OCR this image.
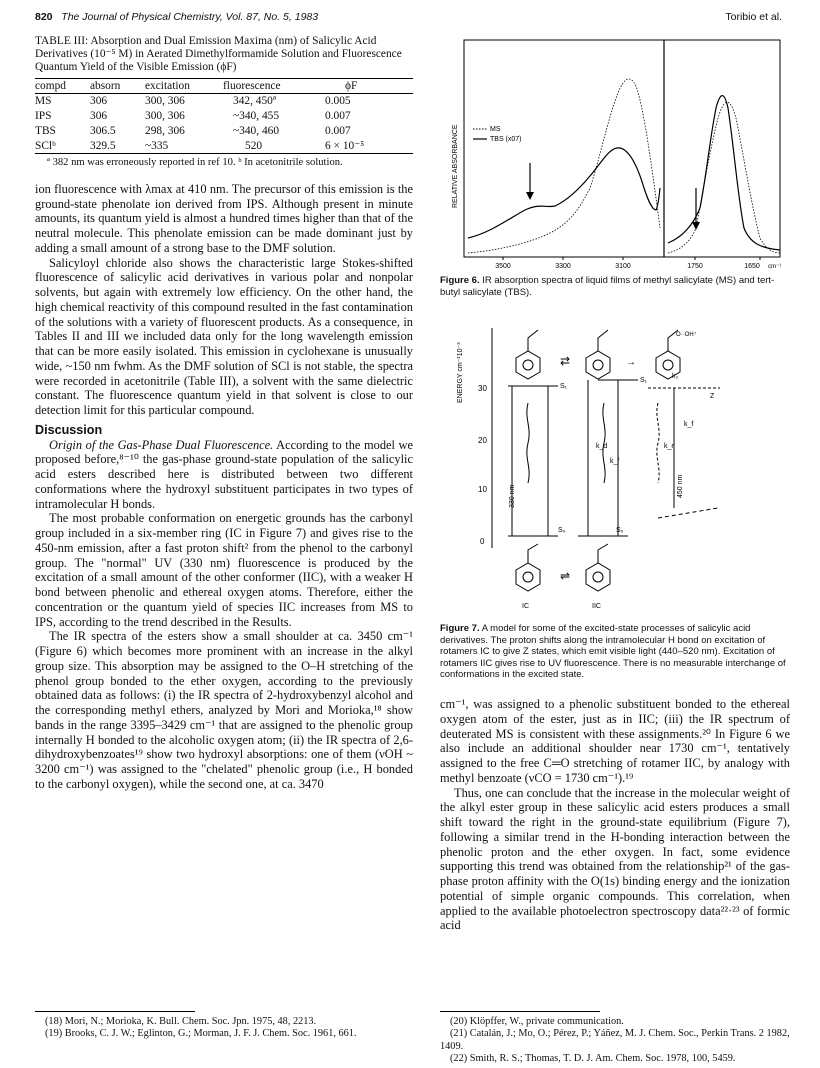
820 The Journal of Physical Chemistry, Vol. 87, No. 5, 1983	Toribio et al.
TABLE III: Absorption and Dual Emission Maxima (nm) of Salicylic Acid Derivatives (10⁻⁵ M) in Aerated Dimethylformamide Solution and Fluorescence Quantum Yield of the Visible Emission (ϕF)
compd	absorn	excitation	fluorescence	ϕF
MS	306	300, 306	342, 450ª	0.005
IPS	306	300, 306	~340, 455	0.007
TBS	306.5	298, 306	~340, 460	0.007
SClᵇ	329.5	~335	520	6 × 10⁻⁵
ª 382 nm was erroneously reported in ref 10. ᵇ In acetonitrile solution.

ion fluorescence with λmax at 410 nm. The precursor of this emission is the ground-state phenolate ion derived from IPS. Although present in minute amounts, its quantum yield is almost a hundred times higher than that of the neutral molecule. This phenolate emission can be made dominant just by adding a small amount of a strong base to the DMF solution.

Salicyloyl chloride also shows the characteristic large Stokes-shifted fluorescence of salicylic acid derivatives in various polar and nonpolar solvents, but again with extremely low efficiency. On the other hand, the high chemical reactivity of this compound resulted in the fast contamination of the solutions with a variety of fluorescent products. As a consequence, in Tables II and III we included data only for the long wavelength emission that can be more easily isolated. This emission in cyclohexane is unusually wide, ~150 nm fwhm. As the DMF solution of SCl is not stable, the spectra were recorded in acetonitrile (Table III), a solvent with the same dielectric constant. The fluorescence quantum yield in that solvent is close to our detection limit for this particular compound.

Discussion

Origin of the Gas-Phase Dual Fluorescence. According to the model we proposed before,⁸⁻¹⁰ the gas-phase ground-state population of the salicylic acid esters described here is distributed between two different conformations where the hydroxyl substituent participates in two types of intramolecular H bonds.

The most probable conformation on energetic grounds has the carbonyl group included in a six-member ring (IC in Figure 7) and gives rise to the 450-nm emission, after a fast proton shift² from the phenol to the carbonyl group. The "normal" UV (330 nm) fluorescence is produced by the excitation of a small amount of the other conformer (IIC), with a weaker H bond between phenolic and ethereal oxygen atoms. Therefore, either the concentration or the quantum yield of species IIC increases from MS to IPS, according to the trend described in the Results.

The IR spectra of the esters show a small shoulder at ca. 3450 cm⁻¹ (Figure 6) which becomes more prominent with an increase in the alkyl group size. This absorption may be assigned to the O–H stretching of the phenol group bonded to the ether oxygen, according to the previously obtained data as follows: (i) the IR spectra of 2-hydroxybenzyl alcohol and the corresponding methyl ethers, analyzed by Mori and Morioka,¹⁸ show bands in the range 3395–3429 cm⁻¹ that are assigned to the phenolic group internally H bonded to the alcoholic oxygen atom; (ii) the IR spectra of 2,6-dihydroxybenzoates¹⁹ show two hydroxyl absorptions: one of them (νOH ~ 3200 cm⁻¹) was assigned to the "chelated" phenolic group (i.e., H bonded to the carbonyl oxygen), while the second one, at ca. 3470

(18) Mori, N.; Morioka, K. Bull. Chem. Soc. Jpn. 1975, 48, 2213.
(19) Brooks, C. J. W.; Eglinton, G.; Morman, J. F. J. Chem. Soc. 1961, 661.
RELATIVE ABSORBANCE	MS
TBS (x07)
3500	3300	3100	1750	1650 cm⁻¹
Figure 6. IR absorption spectra of liquid films of methyl salicylate (MS) and tert-butyl salicylate (TBS).
ENERGY cm⁻¹10⁻³ 30
20
10
0
⇄	→
O··OH⁺
S₁
S₁
k₂
Z
k_d
k_f
k_f
k_r
330 nm	450 nm
S₀	S₀
⇌
IC	IIC
Figure 7. A model for some of the excited-state processes of salicylic acid derivatives. The proton shifts along the intramolecular H bond on excitation of rotamers IC to give Z states, which emit visible light (440–520 nm). Excitation of rotamers IIC gives rise to UV fluorescence. There is no measurable interchange of conformations in the excited state.

cm⁻¹, was assigned to a phenolic substituent bonded to the ethereal oxygen atom of the ester, just as in IIC; (iii) the IR spectrum of deuterated MS is consistent with these assignments.²⁰ In Figure 6 we also include an additional shoulder near 1730 cm⁻¹, tentatively assigned to the free C═O stretching of rotamer IIC, by analogy with methyl benzoate (νCO = 1730 cm⁻¹).¹⁹

Thus, one can conclude that the increase in the molecular weight of the alkyl ester group in these salicylic acid esters produces a small shift toward the right in the ground-state equilibrium (Figure 7), following a similar trend in the H-bonding interaction between the phenolic proton and the ether oxygen. In fact, some evidence supporting this trend was obtained from the relationship²¹ of the gas-phase proton affinity with the O(1s) binding energy and the ionization potential of simple organic compounds. This correlation, when applied to the available photoelectron spectroscopy data²²·²³ of formic acid

(20) Klöpffer, W., private communication.
(21) Catalán, J.; Mo, O.; Pérez, P.; Yáñez, M. J. Chem. Soc., Perkin Trans. 2 1982, 1409.
(22) Smith, R. S.; Thomas, T. D. J. Am. Chem. Soc. 1978, 100, 5459.
